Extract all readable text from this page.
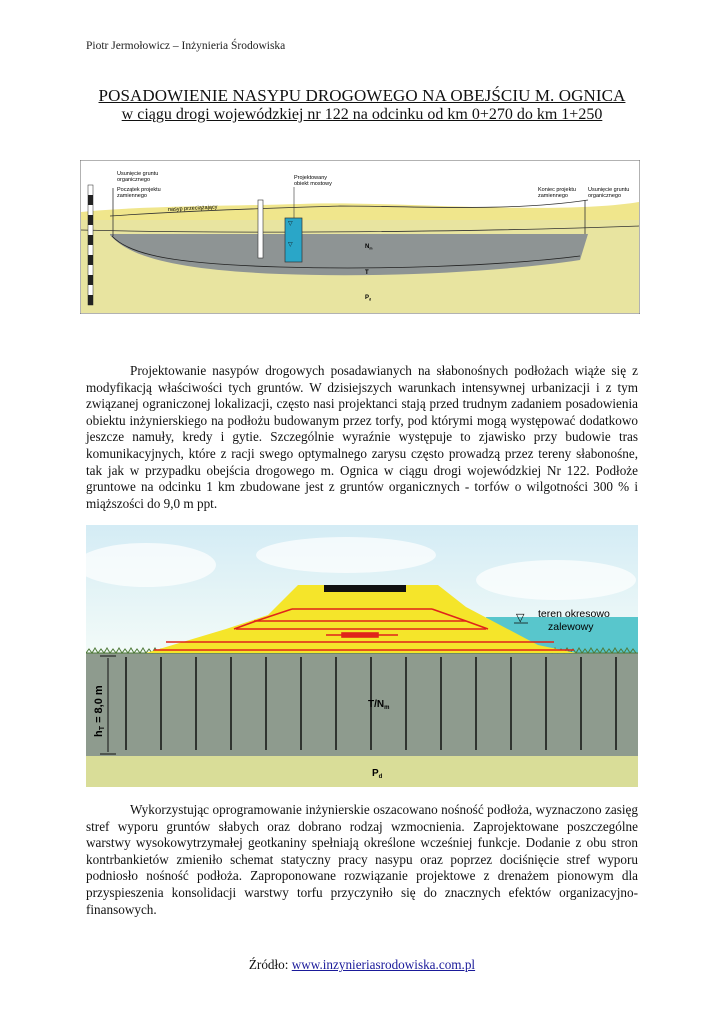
Piotr Jermołowicz – Inżynieria Środowiska
POSADOWIENIE NASYPU DROGOWEGO NA OBEJŚCIU M. OGNICA
w ciągu drogi wojewódzkiej nr 122 na odcinku od km 0+270 do km 1+250
▽
▽
Usunięcie gruntu
organicznego
Początek projektu
zamiennego
nasyp przeciążający
Projektowany
obiekt mostowy
Koniec projektu
zamiennego
Usunięcie gruntu
organicznego
$N_m$
T
$P_d$
Projektowanie nasypów drogowych posadawianych na słabonośnych podłożach wiąże się z modyfikacją właściwości tych gruntów. W dzisiejszych warunkach intensywnej urbanizacji i z tym związanej ograniczonej lokalizacji, często nasi projektanci stają przed trudnym zadaniem posadowienia obiektu inżynierskiego na podłożu budowanym przez torfy, pod którymi mogą występować dodatkowo jeszcze namuły, kredy i gytie. Szczególnie wyraźnie występuje to zjawisko przy budowie tras komunikacyjnych, które z racji swego optymalnego zarysu często prowadzą przez tereny słabonośne, tak jak w przypadku obejścia drogowego m. Ognica w ciągu drogi wojewódzkiej Nr 122. Podłoże gruntowe na odcinku 1 km zbudowane jest z gruntów organicznych - torfów o wilgotności 300 % i miąższości do 9,0 m ppt.
hT = 8,0 m	$T/N_m$
$P_d$
▽ teren okresowo
zalewowy
Wykorzystując oprogramowanie inżynierskie oszacowano nośność podłoża, wyznaczono zasięg stref wyporu gruntów słabych oraz dobrano rodzaj wzmocnienia. Zaprojektowane poszczególne warstwy wysokowytrzymałej geotkaniny spełniają określone wcześniej funkcje. Dodanie z obu stron kontrbankietów zmieniło schemat statyczny pracy nasypu oraz poprzez dociśnięcie stref wyporu podniosło nośność podłoża. Zaproponowane rozwiązanie projektowe z drenażem pionowym dla przyspieszenia konsolidacji warstwy torfu przyczyniło się do znacznych efektów organizacyjno-finansowych.
Źródło: www.inzynieriasrodowiska.com.pl
